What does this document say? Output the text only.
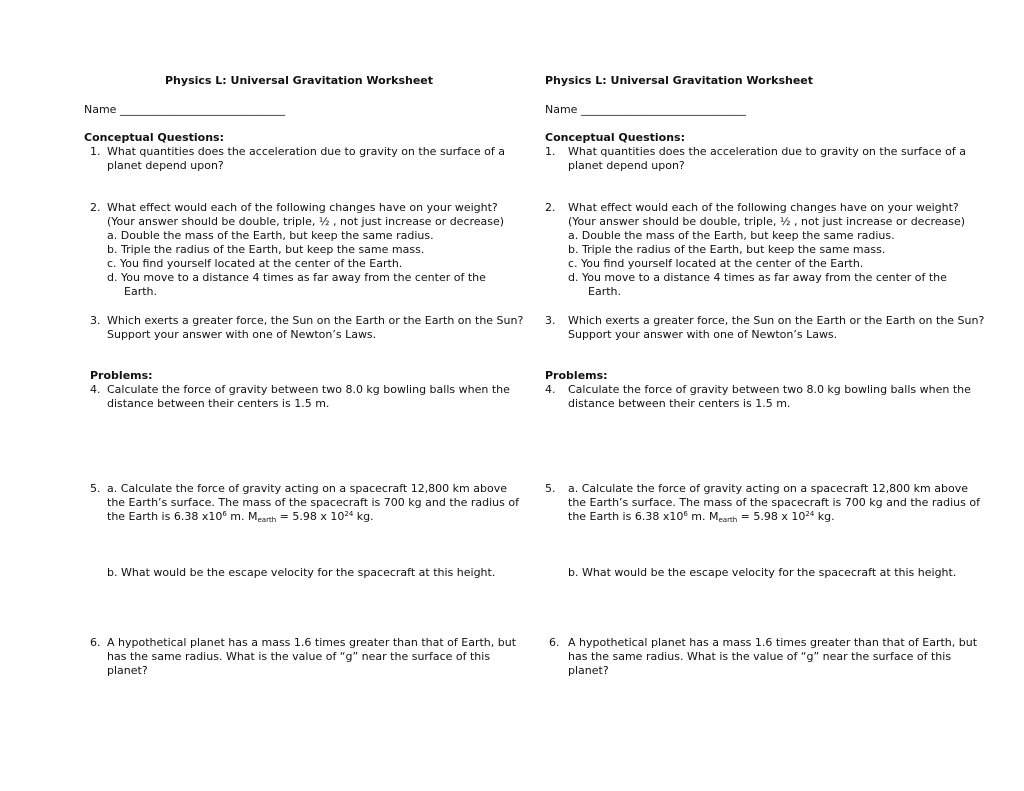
Physics L: Universal Gravitation Worksheet
Name ______________________________
Conceptual Questions:
1. What quantities does the acceleration due to gravity on the surface of a
planet depend upon?
2. What effect would each of the following changes have on your weight?
(Your answer should be double, triple, ½ , not just increase or decrease)
a. Double the mass of the Earth, but keep the same radius.
b. Triple the radius of the Earth, but keep the same mass.
c. You find yourself located at the center of the Earth.
d. You move to a distance 4 times as far away from the center of the
Earth.
3. Which exerts a greater force, the Sun on the Earth or the Earth on the Sun?
Support your answer with one of Newton’s Laws.
Problems:
4. Calculate the force of gravity between two 8.0 kg bowling balls when the
distance between their centers is 1.5 m.
5. a. Calculate the force of gravity acting on a spacecraft 12,800 km above
the Earth’s surface. The mass of the spacecraft is 700 kg and the radius of
the Earth is 6.38 $x10^6$ m. $M_{earth} = 5.98$ x $10^{24}$ kg.
b. What would be the escape velocity for the spacecraft at this height.
6. A hypothetical planet has a mass 1.6 times greater than that of Earth, but
has the same radius. What is the value of “g” near the surface of this
planet?
Physics L: Universal Gravitation Worksheet
Name ______________________________
Conceptual Questions:
1. What quantities does the acceleration due to gravity on the surface of a
planet depend upon?
2. What effect would each of the following changes have on your weight?
(Your answer should be double, triple, ½ , not just increase or decrease)
a. Double the mass of the Earth, but keep the same radius.
b. Triple the radius of the Earth, but keep the same mass.
c. You find yourself located at the center of the Earth.
d. You move to a distance 4 times as far away from the center of the
Earth.
3. Which exerts a greater force, the Sun on the Earth or the Earth on the Sun?
Support your answer with one of Newton’s Laws.
Problems:
4. Calculate the force of gravity between two 8.0 kg bowling balls when the
distance between their centers is 1.5 m.
5. a. Calculate the force of gravity acting on a spacecraft 12,800 km above
the Earth’s surface. The mass of the spacecraft is 700 kg and the radius of
the Earth is 6.38 $x10^6$ m. $M_{earth} = 5.98$ x $10^{24}$ kg.
b. What would be the escape velocity for the spacecraft at this height.
6. A hypothetical planet has a mass 1.6 times greater than that of Earth, but
has the same radius. What is the value of “g” near the surface of this
planet?
